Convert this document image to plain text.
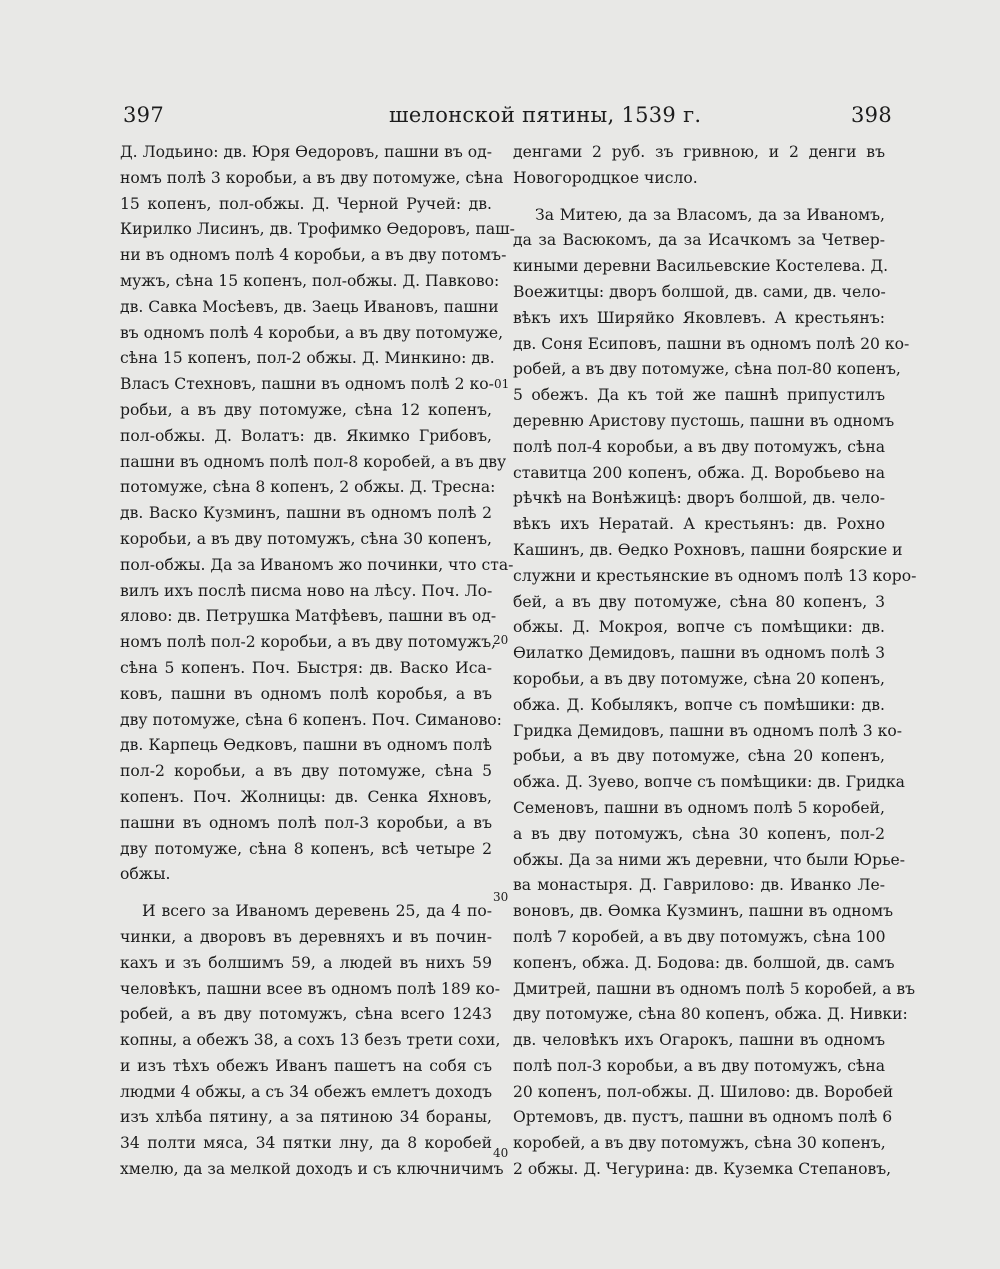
397	шелонской пятины, 1539 г.	398
Д. Лодьино: дв. Юря Өедоровъ, пашни въ од-
номъ полѣ 3 коробьи, а въ дву потомуже, сѣна
15 копенъ, пол-обжы. Д. Черной Ручей: дв.
Кирилко Лисинъ, дв. Трофимко Өедоровъ, паш-
ни въ одномъ полѣ 4 коробьи, а въ дву потомъ-
мужъ, сѣна 15 копенъ, пол-обжы. Д. Павково:
дв. Савка Мосѣевъ, дв. Заець Ивановъ, пашни
въ одномъ полѣ 4 коробьи, а въ дву потомуже,
сѣна 15 копенъ, пол-2 обжы. Д. Минкино: дв.
Власъ Стехновъ, пашни въ одномъ полѣ 2 ко-
робьи, а въ дву потомуже, сѣна 12 копенъ,
пол-обжы. Д. Волатъ: дв. Якимко Грибовъ,
пашни въ одномъ полѣ пол-8 коробей, а въ дву
потомуже, сѣна 8 копенъ, 2 обжы. Д. Тресна:
дв. Васко Кузминъ, пашни въ одномъ полѣ 2
коробьи, а въ дву потомужъ, сѣна 30 копенъ,
пол-обжы. Да за Иваномъ жо починки, что ста-
вилъ ихъ послѣ писма ново на лѣсу. Поч. Ло-
ялово: дв. Петрушка Матфѣевъ, пашни въ од-
номъ полѣ пол-2 коробьи, а въ дву потомужъ,
сѣна 5 копенъ. Поч. Быстря: дв. Васко Иса-
ковъ, пашни въ одномъ полѣ коробья, а въ
дву потомуже, сѣна 6 копенъ. Поч. Симаново:
дв. Карпець Өедковъ, пашни въ одномъ полѣ
пол-2 коробьи, а въ дву потомуже, сѣна 5
копенъ. Поч. Жолницы: дв. Сенка Яхновъ,
пашни въ одномъ полѣ пол-3 коробьи, а въ
дву потомуже, сѣна 8 копенъ, всѣ четыре 2
обжы.
И всего за Иваномъ деревень 25, да 4 по-
чинки, а дворовъ въ деревняхъ и въ почин-
кахъ и зъ болшимъ 59, а людей въ нихъ 59
человѣкъ, пашни всее въ одномъ полѣ 189 ко-
робей, а въ дву потомужъ, сѣна всего 1243
копны, а обежъ 38, а сохъ 13 безъ трети сохи,
и изъ тѣхъ обежъ Иванъ пашетъ на собя съ
людми 4 обжы, а съ 34 обежъ емлетъ доходъ
изъ хлѣба пятину, а за пятиною 34 бораны,
34 полти мяса, 34 пятки лну, да 8 коробей
хмелю, да за мелкой доходъ и съ ключничимъ
денгами 2 руб. зъ гривною, и 2 денги въ
Новогородцкое число.
За Митею, да за Власомъ, да за Иваномъ,
да за Васюкомъ, да за Исачкомъ за Четвер-
киными деревни Васильевские Костелева. Д.
Воежитцы: дворъ болшой, дв. сами, дв. чело-
вѣкъ ихъ Ширяйко Яковлевъ. А крестьянъ:
дв. Соня Есиповъ, пашни въ одномъ полѣ 20 ко-
робей, а въ дву потомуже, сѣна пол-80 копенъ,
5 обежъ. Да къ той же пашнѣ припустилъ
деревню Аристову пустошь, пашни въ одномъ
полѣ пол-4 коробьи, а въ дву потомужъ, сѣна
ставитца 200 копенъ, обжа. Д. Воробьево на
рѣчкѣ на Вонѣжицѣ: дворъ болшой, дв. чело-
вѣкъ ихъ Нератай. А крестьянъ: дв. Рохно
Кашинъ, дв. Өедко Рохновъ, пашни боярские и
служни и крестьянские въ одномъ полѣ 13 коро-
бей, а въ дву потомуже, сѣна 80 копенъ, 3
обжы. Д. Мокроя, вопче съ помѣщики: дв.
Өилатко Демидовъ, пашни въ одномъ полѣ 3
коробьи, а въ дву потомуже, сѣна 20 копенъ,
обжа. Д. Кобылякъ, вопче съ помѣшики: дв.
Гридка Демидовъ, пашни въ одномъ полѣ 3 ко-
робьи, а въ дву потомуже, сѣна 20 копенъ,
обжа. Д. Зуево, вопче съ помѣщики: дв. Гридка
Семеновъ, пашни въ одномъ полѣ 5 коробей,
а въ дву потомужъ, сѣна 30 копенъ, пол-2
обжы. Да за ними жъ деревни, что были Юрье-
ва монастыря. Д. Гаврилово: дв. Иванко Ле-
воновъ, дв. Өомка Кузминъ, пашни въ одномъ
полѣ 7 коробей, а въ дву потомужъ, сѣна 100
копенъ, обжа. Д. Бодова: дв. болшой, дв. самъ
Дмитрей, пашни въ одномъ полѣ 5 коробей, а въ
дву потомуже, сѣна 80 копенъ, обжа. Д. Нивки:
дв. человѣкъ ихъ Огарокъ, пашни въ одномъ
полѣ пол-3 коробьи, а въ дву потомужъ, сѣна
20 копенъ, пол-обжы. Д. Шилово: дв. Воробей
Ортемовъ, дв. пустъ, пашни въ одномъ полѣ 6
коробей, а въ дву потомужъ, сѣна 30 копенъ,
2 обжы. Д. Чегурина: дв. Куземка Степановъ,
01
20
30
40
